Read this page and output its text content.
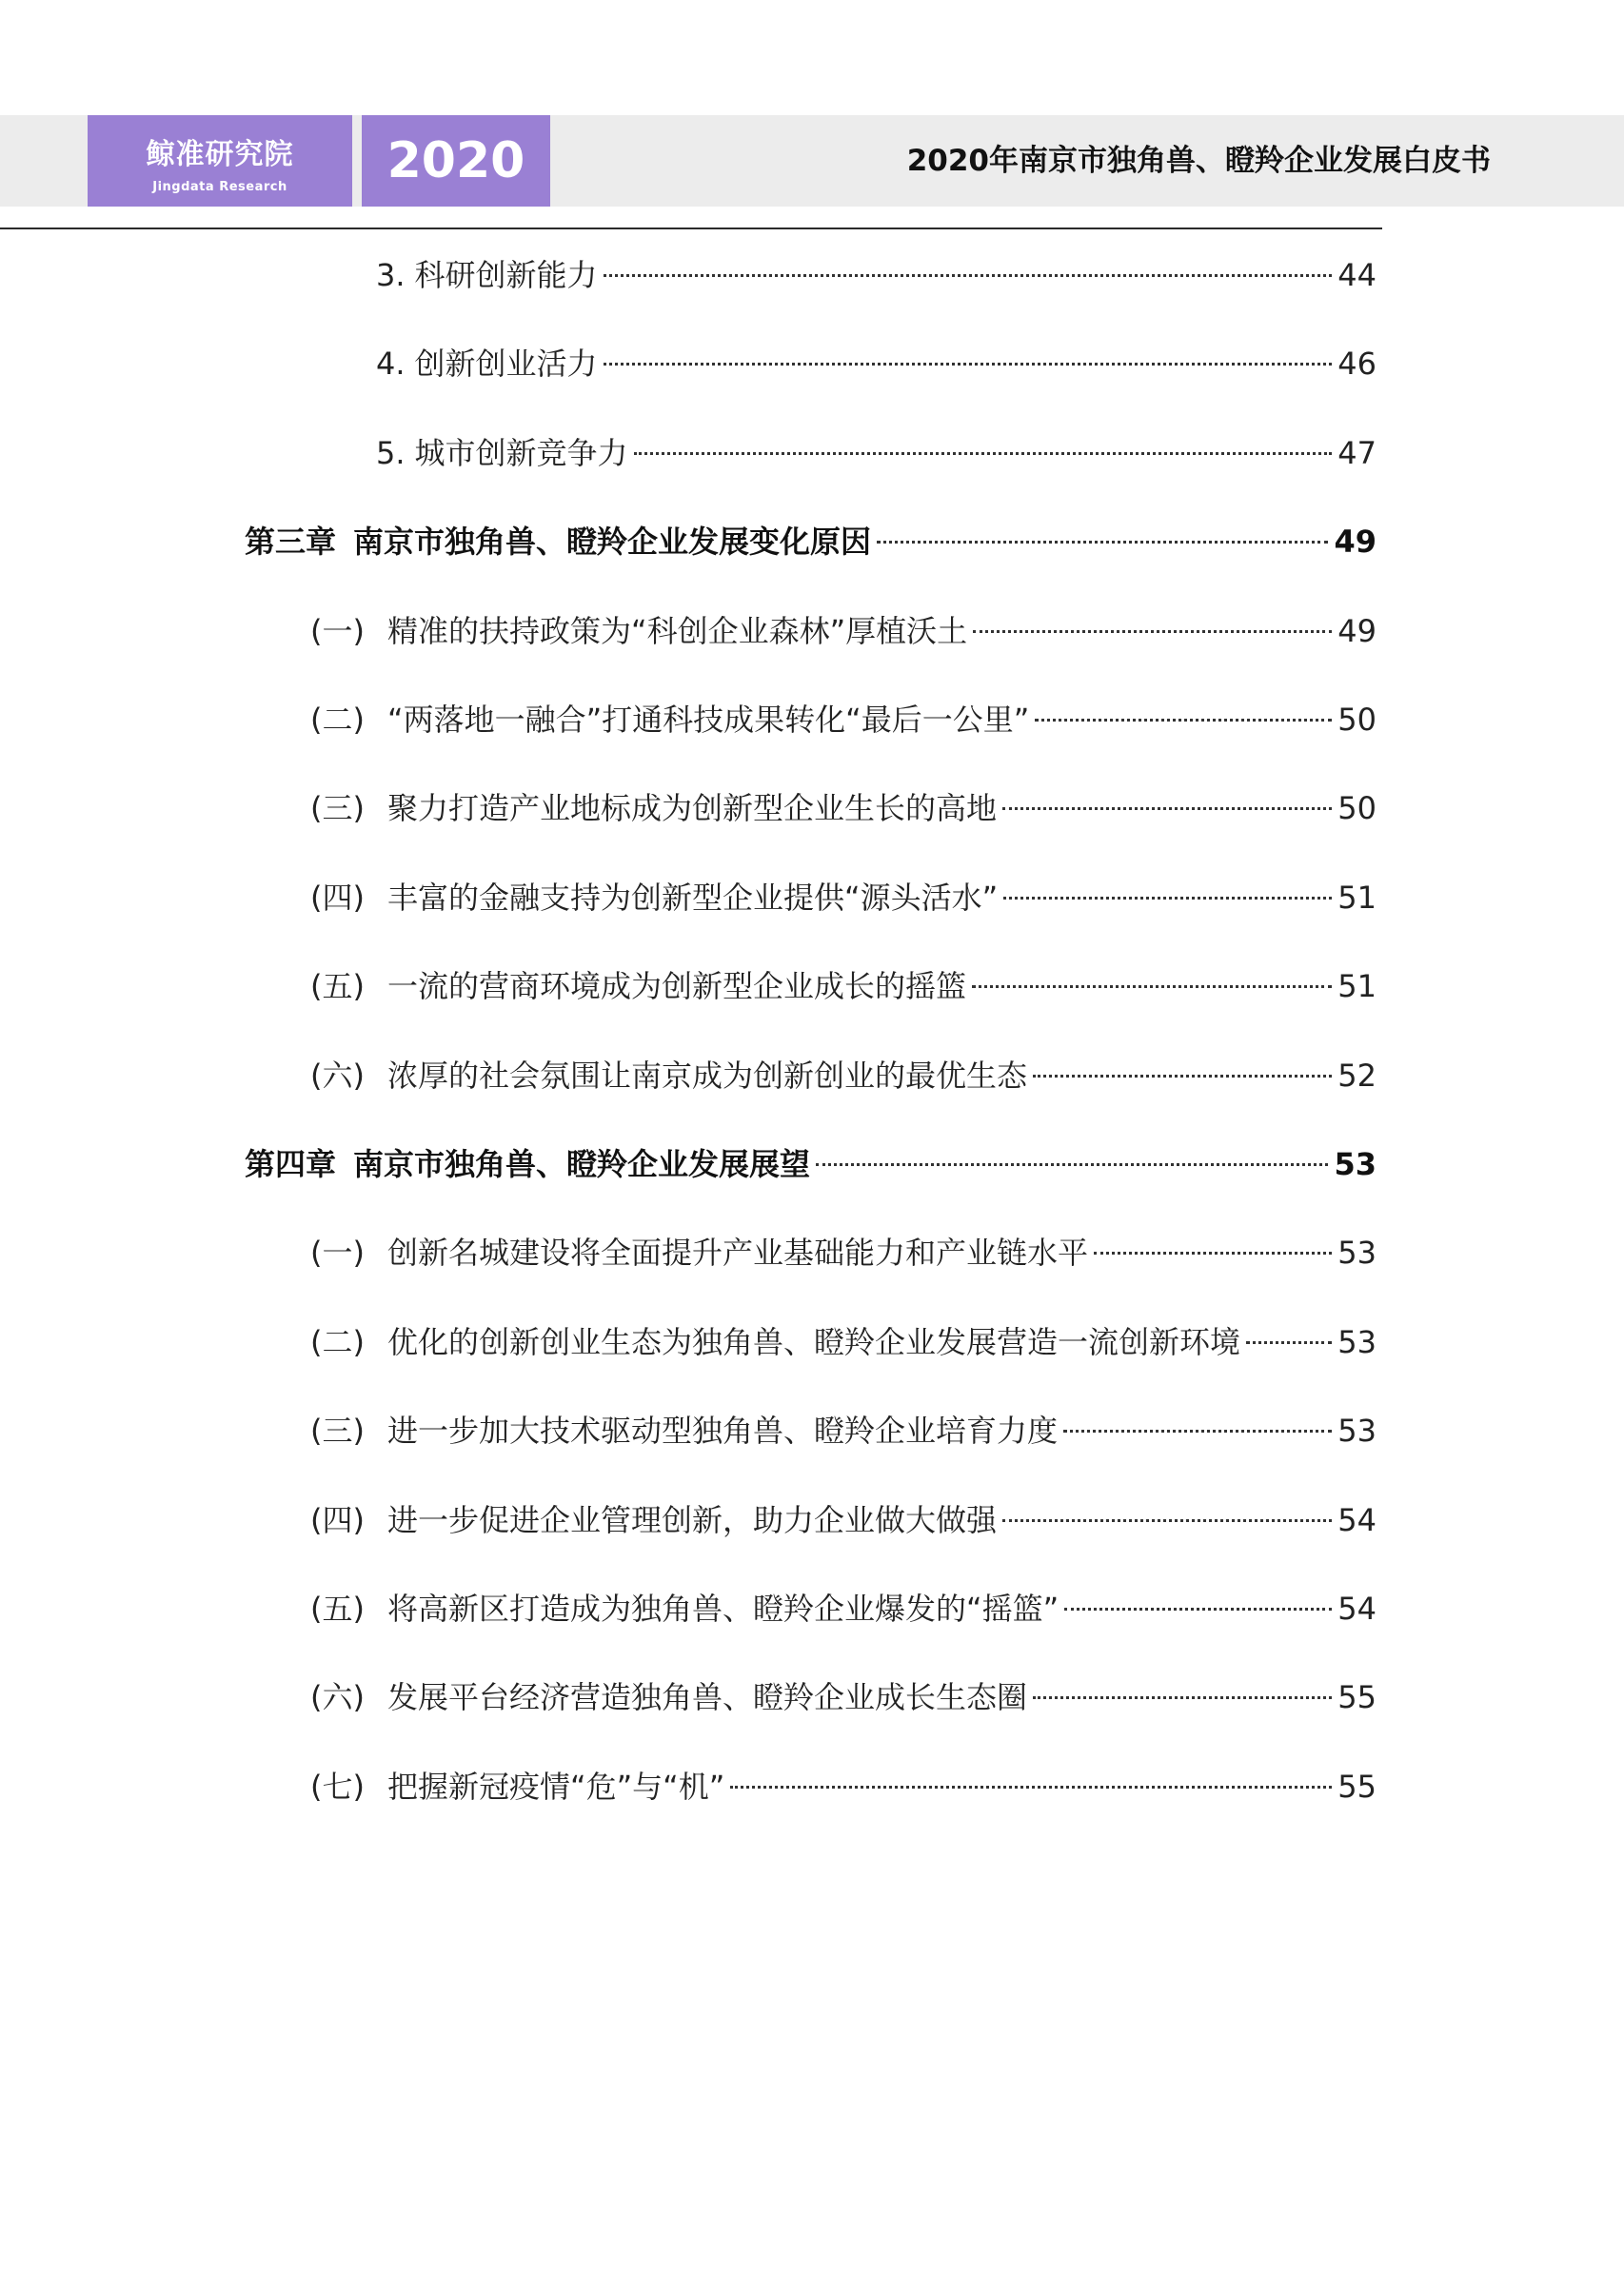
鲸准研究院
Jingdata Research	2020	2020年南京市独角兽、瞪羚企业发展白皮书
3. 科研创新能力	44
4. 创新创业活力	46
5. 城市创新竞争力	47
第三章 南京市独角兽、瞪羚企业发展变化原因	49
(一) 精准的扶持政策为“科创企业森林”厚植沃土	49
(二) “两落地一融合”打通科技成果转化“最后一公里”	50
(三) 聚力打造产业地标成为创新型企业生长的高地	50
(四) 丰富的金融支持为创新型企业提供“源头活水”	51
(五) 一流的营商环境成为创新型企业成长的摇篮	51
(六) 浓厚的社会氛围让南京成为创新创业的最优生态	52
第四章 南京市独角兽、瞪羚企业发展展望	53
(一) 创新名城建设将全面提升产业基础能力和产业链水平	53
(二) 优化的创新创业生态为独角兽、瞪羚企业发展营造一流创新环境	53
(三) 进一步加大技术驱动型独角兽、瞪羚企业培育力度	53
(四) 进一步促进企业管理创新，助力企业做大做强	54
(五) 将高新区打造成为独角兽、瞪羚企业爆发的“摇篮”	54
(六) 发展平台经济营造独角兽、瞪羚企业成长生态圈	55
(七) 把握新冠疫情“危”与“机”	55
